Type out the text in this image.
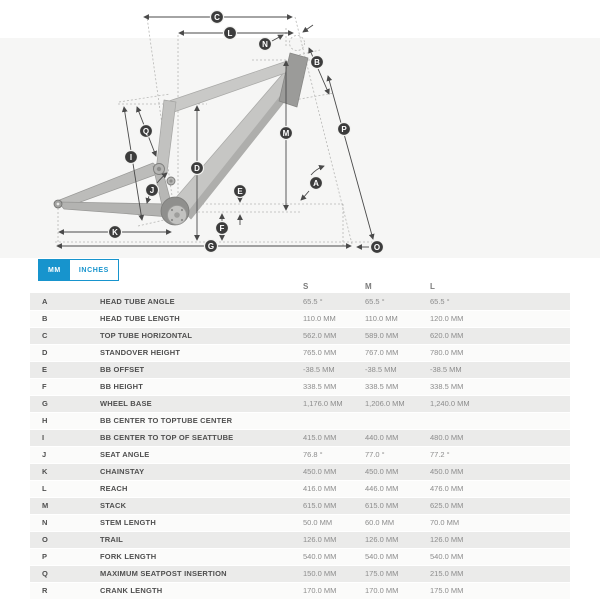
C
L
N
B
Q	P
M
I
D
A
J	E
F
K
G	O
MM	INCHES
		S	M	L
A	HEAD TUBE ANGLE	65.5 °	65.5 °	65.5 °
B	HEAD TUBE LENGTH	110.0 MM	110.0 MM	120.0 MM
C	TOP TUBE HORIZONTAL	562.0 MM	589.0 MM	620.0 MM
D	STANDOVER HEIGHT	765.0 MM	767.0 MM	780.0 MM
E	BB OFFSET	-38.5 MM	-38.5 MM	-38.5 MM
F	BB HEIGHT	338.5 MM	338.5 MM	338.5 MM
G	WHEEL BASE	1,176.0 MM	1,206.0 MM	1,240.0 MM
H	BB CENTER TO TOPTUBE CENTER			
I	BB CENTER TO TOP OF SEATTUBE	415.0 MM	440.0 MM	480.0 MM
J	SEAT ANGLE	76.8 °	77.0 °	77.2 °
K	CHAINSTAY	450.0 MM	450.0 MM	450.0 MM
L	REACH	416.0 MM	446.0 MM	476.0 MM
M	STACK	615.0 MM	615.0 MM	625.0 MM
N	STEM LENGTH	50.0 MM	60.0 MM	70.0 MM
O	TRAIL	126.0 MM	126.0 MM	126.0 MM
P	FORK LENGTH	540.0 MM	540.0 MM	540.0 MM
Q	MAXIMUM SEATPOST INSERTION	150.0 MM	175.0 MM	215.0 MM
R	CRANK LENGTH	170.0 MM	170.0 MM	175.0 MM
